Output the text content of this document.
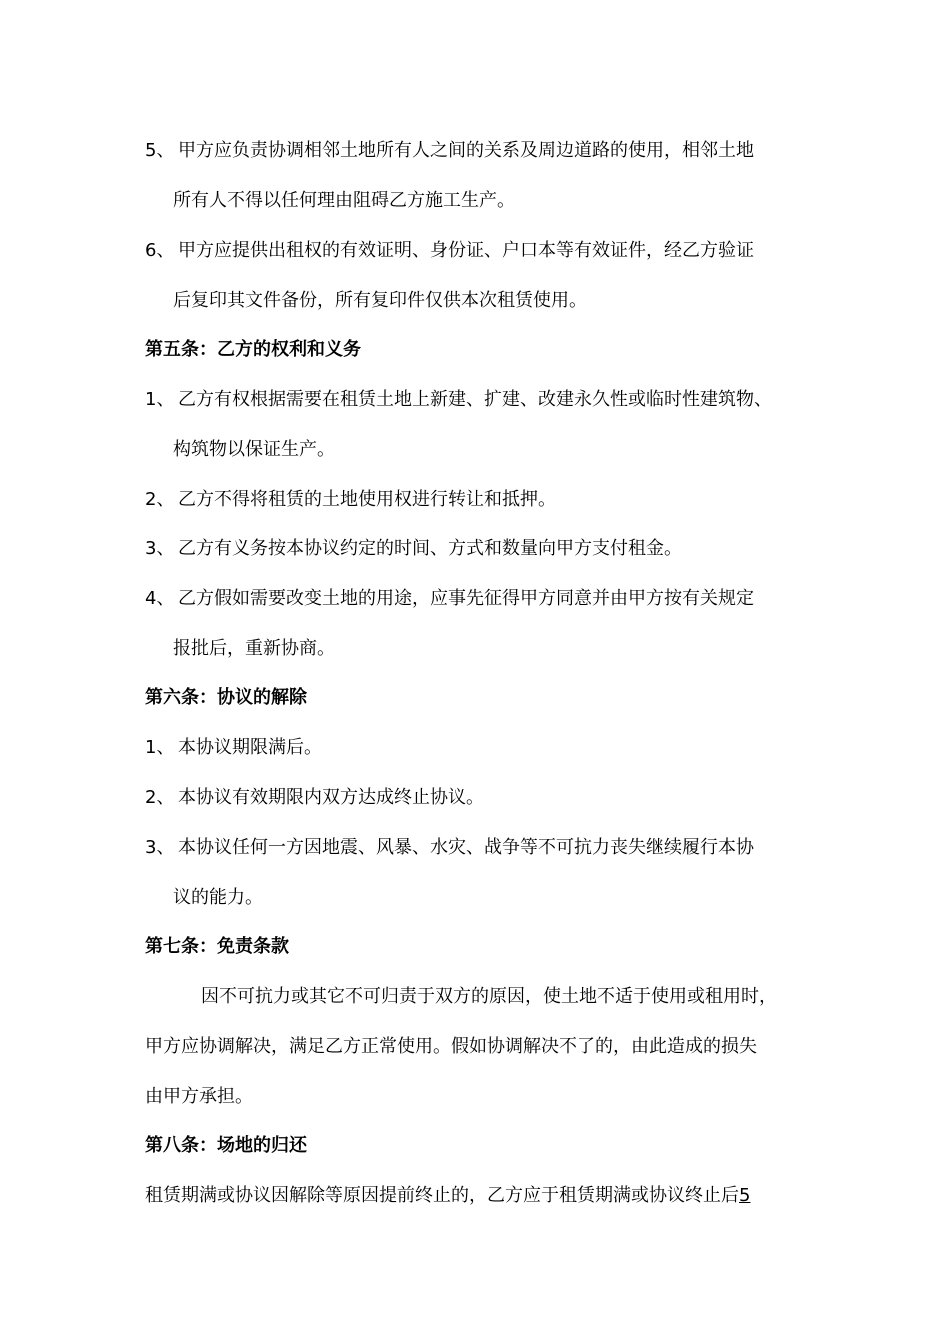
5、 甲方应负责协调相邻土地所有人之间的关系及周边道路的使用，相邻土地
所有人不得以任何理由阻碍乙方施工生产。
6、 甲方应提供出租权的有效证明、身份证、户口本等有效证件，经乙方验证
后复印其文件备份，所有复印件仅供本次租赁使用。
第五条：乙方的权利和义务
1、 乙方有权根据需要在租赁土地上新建、扩建、改建永久性或临时性建筑物、
构筑物以保证生产。
2、 乙方不得将租赁的土地使用权进行转让和抵押。
3、 乙方有义务按本协议约定的时间、方式和数量向甲方支付租金。
4、 乙方假如需要改变土地的用途，应事先征得甲方同意并由甲方按有关规定
报批后，重新协商。
第六条：协议的解除
1、 本协议期限满后。
2、 本协议有效期限内双方达成终止协议。
3、 本协议任何一方因地震、风暴、水灾、战争等不可抗力丧失继续履行本协
议的能力。
第七条：免责条款
因不可抗力或其它不可归责于双方的原因，使土地不适于使用或租用时，
甲方应协调解决，满足乙方正常使用。假如协调解决不了的，由此造成的损失
由甲方承担。
第八条：场地的归还
租赁期满或协议因解除等原因提前终止的，乙方应于租赁期满或协议终止后5
